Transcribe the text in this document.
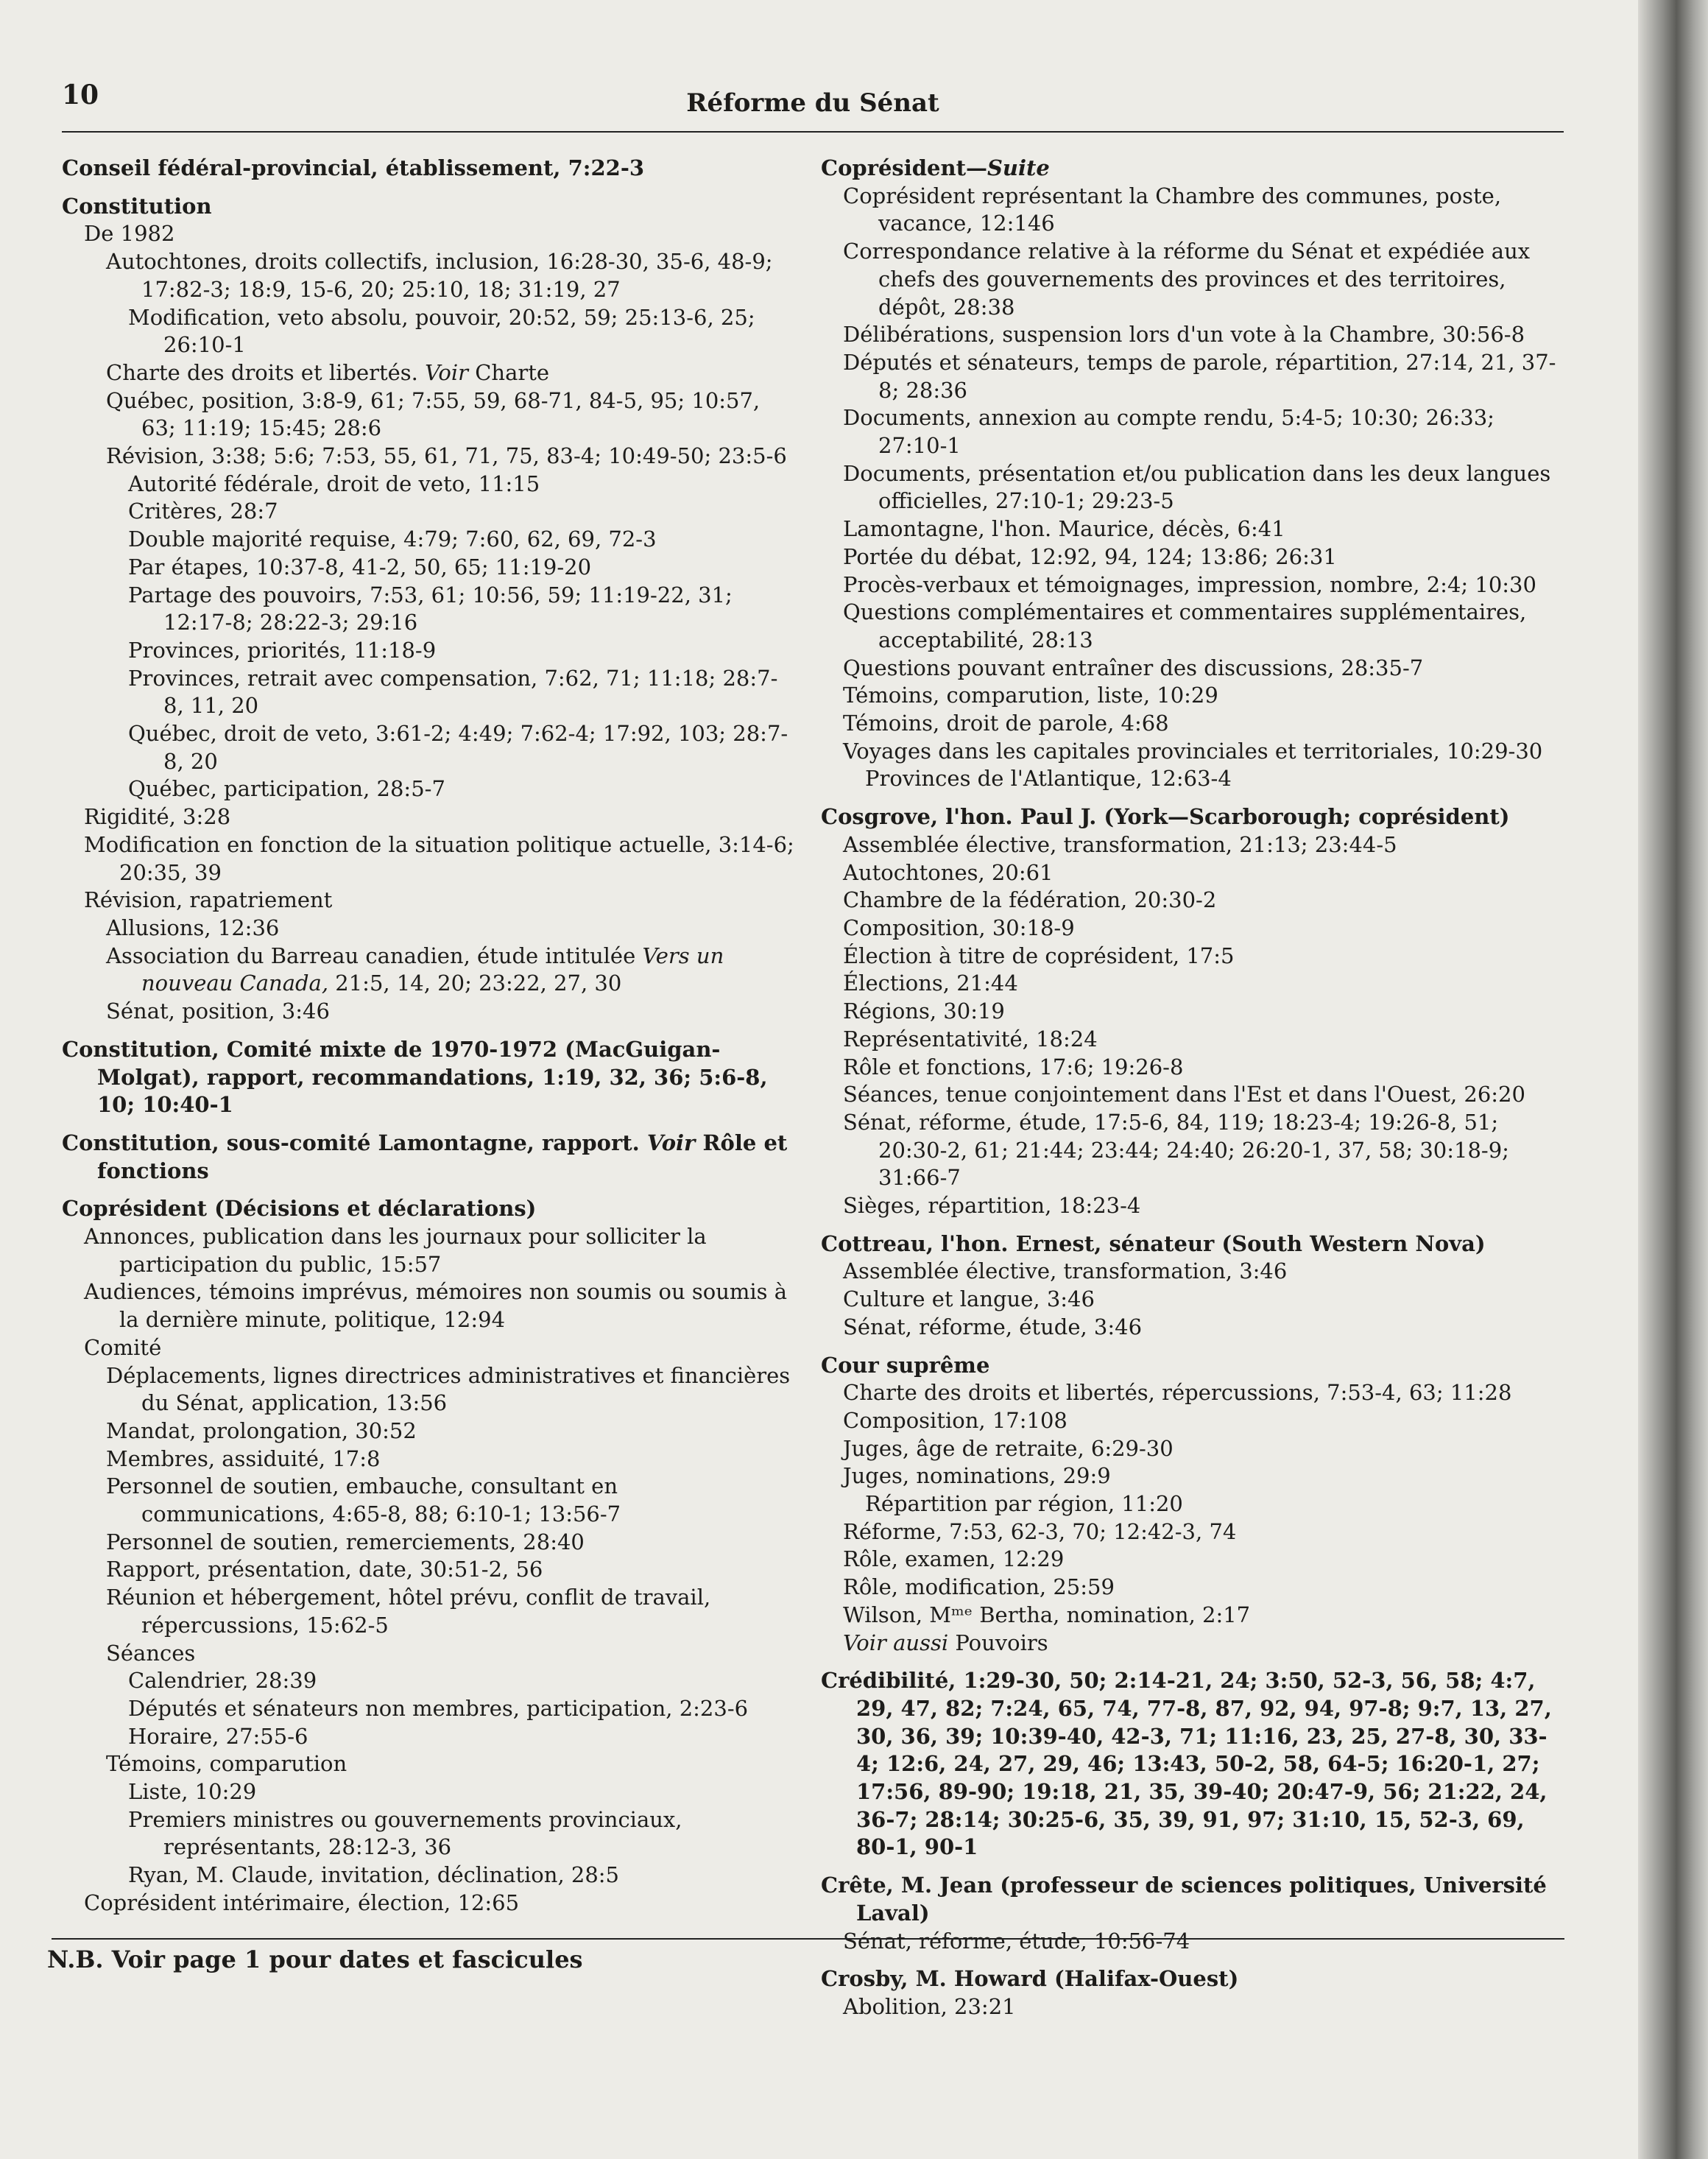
10	Réforme du Sénat

Conseil fédéral-provincial, établissement, 7:22-3

Constitution

De 1982

Autochtones, droits collectifs, inclusion, 16:28-30, 35-6, 48-9; 17:82-3; 18:9, 15-6, 20; 25:10, 18; 31:19, 27

Modification, veto absolu, pouvoir, 20:52, 59; 25:13-6, 25; 26:10-1

Charte des droits et libertés. Voir Charte

Québec, position, 3:8-9, 61; 7:55, 59, 68-71, 84-5, 95; 10:57, 63; 11:19; 15:45; 28:6

Révision, 3:38; 5:6; 7:53, 55, 61, 71, 75, 83-4; 10:49-50; 23:5-6

Autorité fédérale, droit de veto, 11:15

Critères, 28:7

Double majorité requise, 4:79; 7:60, 62, 69, 72-3

Par étapes, 10:37-8, 41-2, 50, 65; 11:19-20

Partage des pouvoirs, 7:53, 61; 10:56, 59; 11:19-22, 31; 12:17-8; 28:22-3; 29:16

Provinces, priorités, 11:18-9

Provinces, retrait avec compensation, 7:62, 71; 11:18; 28:7-8, 11, 20

Québec, droit de veto, 3:61-2; 4:49; 7:62-4; 17:92, 103; 28:7-8, 20

Québec, participation, 28:5-7

Rigidité, 3:28

Modification en fonction de la situation politique actuelle, 3:14-6; 20:35, 39

Révision, rapatriement

Allusions, 12:36

Association du Barreau canadien, étude intitulée Vers un nouveau Canada, 21:5, 14, 20; 23:22, 27, 30

Sénat, position, 3:46

Constitution, Comité mixte de 1970-1972 (MacGuigan-Molgat), rapport, recommandations, 1:19, 32, 36; 5:6-8, 10; 10:40-1

Constitution, sous-comité Lamontagne, rapport. Voir Rôle et fonctions

Coprésident (Décisions et déclarations)

Annonces, publication dans les journaux pour solliciter la participation du public, 15:57

Audiences, témoins imprévus, mémoires non soumis ou soumis à la dernière minute, politique, 12:94

Comité

Déplacements, lignes directrices administratives et financières du Sénat, application, 13:56

Mandat, prolongation, 30:52

Membres, assiduité, 17:8

Personnel de soutien, embauche, consultant en communications, 4:65-8, 88; 6:10-1; 13:56-7

Personnel de soutien, remerciements, 28:40

Rapport, présentation, date, 30:51-2, 56

Réunion et hébergement, hôtel prévu, conflit de travail, répercussions, 15:62-5

Séances

Calendrier, 28:39

Députés et sénateurs non membres, participation, 2:23-6

Horaire, 27:55-6

Témoins, comparution

Liste, 10:29

Premiers ministres ou gouvernements provinciaux, représentants, 28:12-3, 36

Ryan, M. Claude, invitation, déclination, 28:5

Coprésident intérimaire, élection, 12:65

Coprésident—Suite

Coprésident représentant la Chambre des communes, poste, vacance, 12:146

Correspondance relative à la réforme du Sénat et expédiée aux chefs des gouvernements des provinces et des territoires, dépôt, 28:38

Délibérations, suspension lors d'un vote à la Chambre, 30:56-8

Députés et sénateurs, temps de parole, répartition, 27:14, 21, 37-8; 28:36

Documents, annexion au compte rendu, 5:4-5; 10:30; 26:33; 27:10-1

Documents, présentation et/ou publication dans les deux langues officielles, 27:10-1; 29:23-5

Lamontagne, l'hon. Maurice, décès, 6:41

Portée du débat, 12:92, 94, 124; 13:86; 26:31

Procès-verbaux et témoignages, impression, nombre, 2:4; 10:30

Questions complémentaires et commentaires supplémentaires, acceptabilité, 28:13

Questions pouvant entraîner des discussions, 28:35-7

Témoins, comparution, liste, 10:29

Témoins, droit de parole, 4:68

Voyages dans les capitales provinciales et territoriales, 10:29-30

Provinces de l'Atlantique, 12:63-4

Cosgrove, l'hon. Paul J. (York—Scarborough; coprésident)

Assemblée élective, transformation, 21:13; 23:44-5

Autochtones, 20:61

Chambre de la fédération, 20:30-2

Composition, 30:18-9

Élection à titre de coprésident, 17:5

Élections, 21:44

Régions, 30:19

Représentativité, 18:24

Rôle et fonctions, 17:6; 19:26-8

Séances, tenue conjointement dans l'Est et dans l'Ouest, 26:20

Sénat, réforme, étude, 17:5-6, 84, 119; 18:23-4; 19:26-8, 51; 20:30-2, 61; 21:44; 23:44; 24:40; 26:20-1, 37, 58; 30:18-9; 31:66-7

Sièges, répartition, 18:23-4

Cottreau, l'hon. Ernest, sénateur (South Western Nova)

Assemblée élective, transformation, 3:46

Culture et langue, 3:46

Sénat, réforme, étude, 3:46

Cour suprême

Charte des droits et libertés, répercussions, 7:53-4, 63; 11:28

Composition, 17:108

Juges, âge de retraite, 6:29-30

Juges, nominations, 29:9

Répartition par région, 11:20

Réforme, 7:53, 62-3, 70; 12:42-3, 74

Rôle, examen, 12:29

Rôle, modification, 25:59

Wilson, Mᵐᵉ Bertha, nomination, 2:17

Voir aussi Pouvoirs

Crédibilité, 1:29-30, 50; 2:14-21, 24; 3:50, 52-3, 56, 58; 4:7, 29, 47, 82; 7:24, 65, 74, 77-8, 87, 92, 94, 97-8; 9:7, 13, 27, 30, 36, 39; 10:39-40, 42-3, 71; 11:16, 23, 25, 27-8, 30, 33-4; 12:6, 24, 27, 29, 46; 13:43, 50-2, 58, 64-5; 16:20-1, 27; 17:56, 89-90; 19:18, 21, 35, 39-40; 20:47-9, 56; 21:22, 24, 36-7; 28:14; 30:25-6, 35, 39, 91, 97; 31:10, 15, 52-3, 69, 80-1, 90-1

Crête, M. Jean (professeur de sciences politiques, Université Laval)

Sénat, réforme, étude, 10:56-74

Crosby, M. Howard (Halifax-Ouest)

Abolition, 23:21

N.B. Voir page 1 pour dates et fascicules
